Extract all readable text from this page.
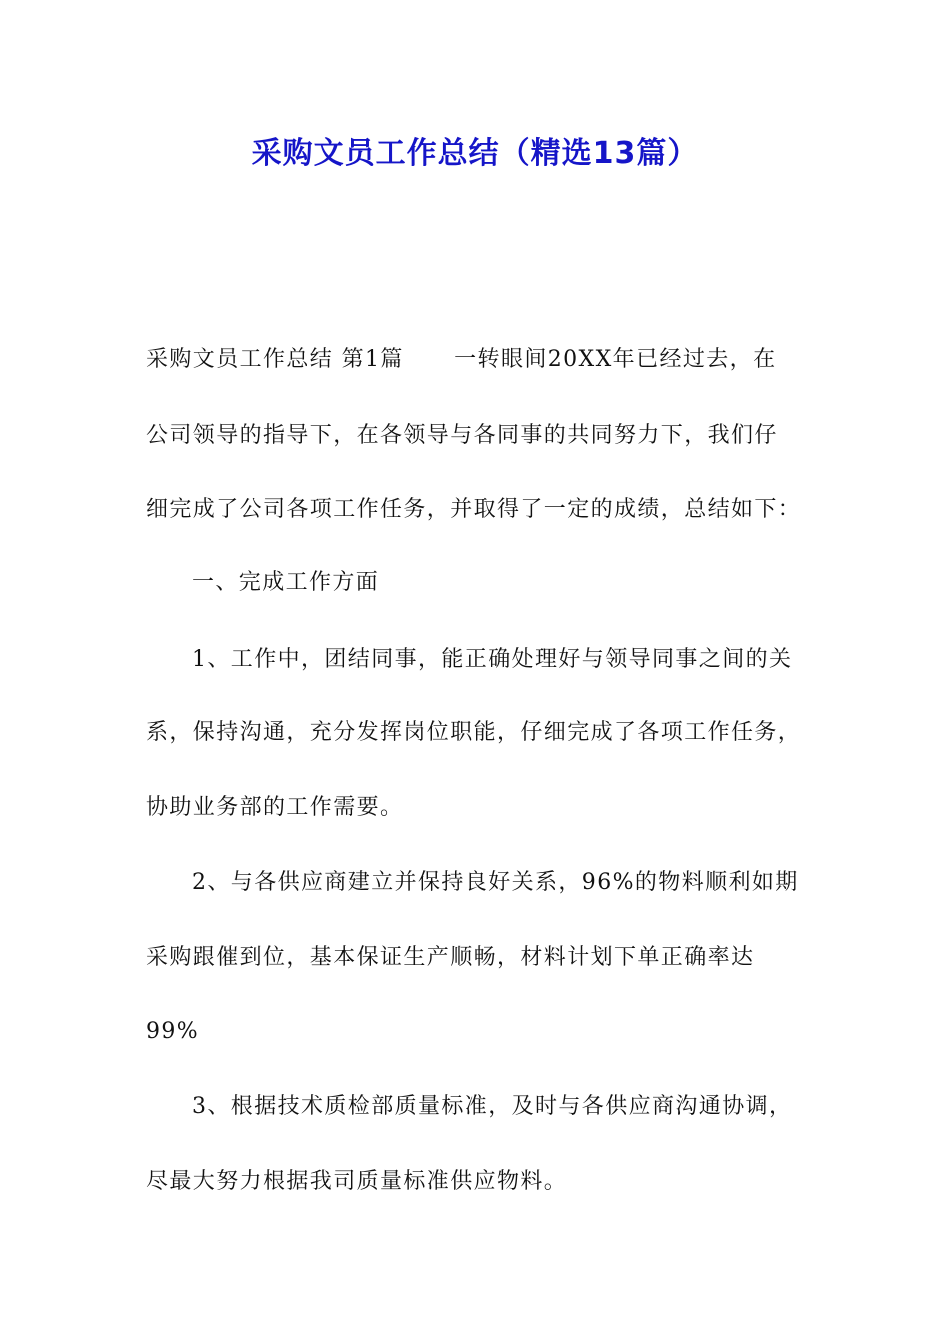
采购文员工作总结（精选13篇）
采购文员工作总结 第1篇      一转眼间20XX年已经过去，在
公司领导的指导下，在各领导与各同事的共同努力下，我们仔
细完成了公司各项工作任务，并取得了一定的成绩，总结如下：
一、完成工作方面
1、工作中，团结同事，能正确处理好与领导同事之间的关
系，保持沟通，充分发挥岗位职能，仔细完成了各项工作任务，
协助业务部的工作需要。
2、与各供应商建立并保持良好关系，96%的物料顺利如期
采购跟催到位，基本保证生产顺畅，材料计划下单正确率达
99%
3、根据技术质检部质量标准，及时与各供应商沟通协调，
尽最大努力根据我司质量标准供应物料。
